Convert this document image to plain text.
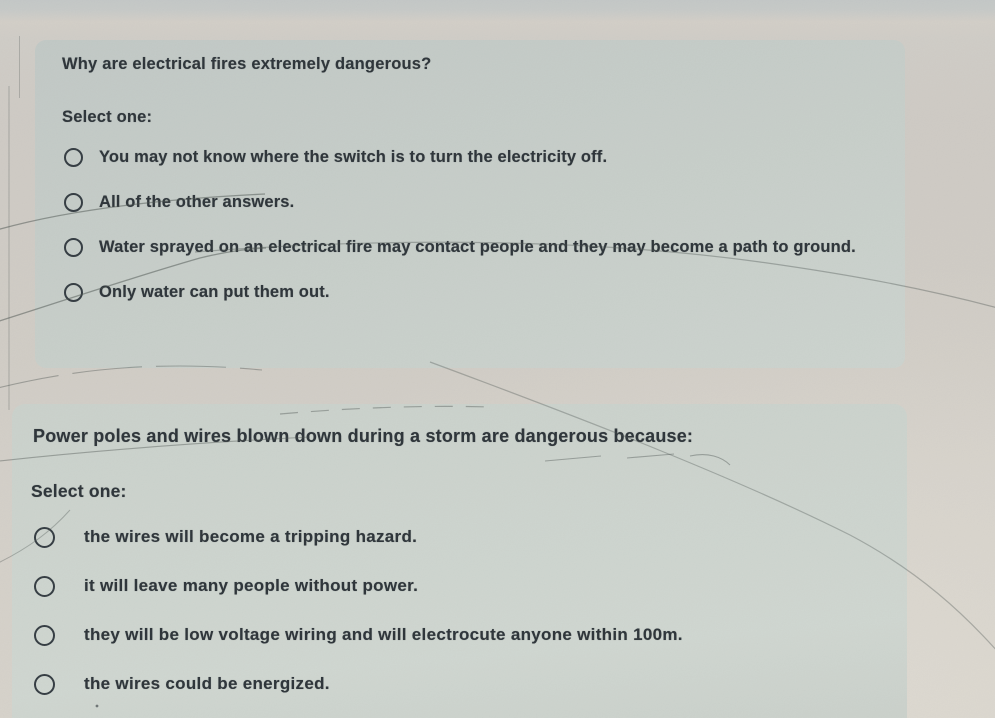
Why are electrical fires extremely dangerous?
Select one:
You may not know where the switch is to turn the electricity off.
All of the other answers.
Water sprayed on an electrical fire may contact people and they may become a path to ground.
Only water can put them out.
Power poles and wires blown down during a storm are dangerous because:
Select one:
the wires will become a tripping hazard.
it will leave many people without power.
they will be low voltage wiring and will electrocute anyone within 100m.
the wires could be energized.
